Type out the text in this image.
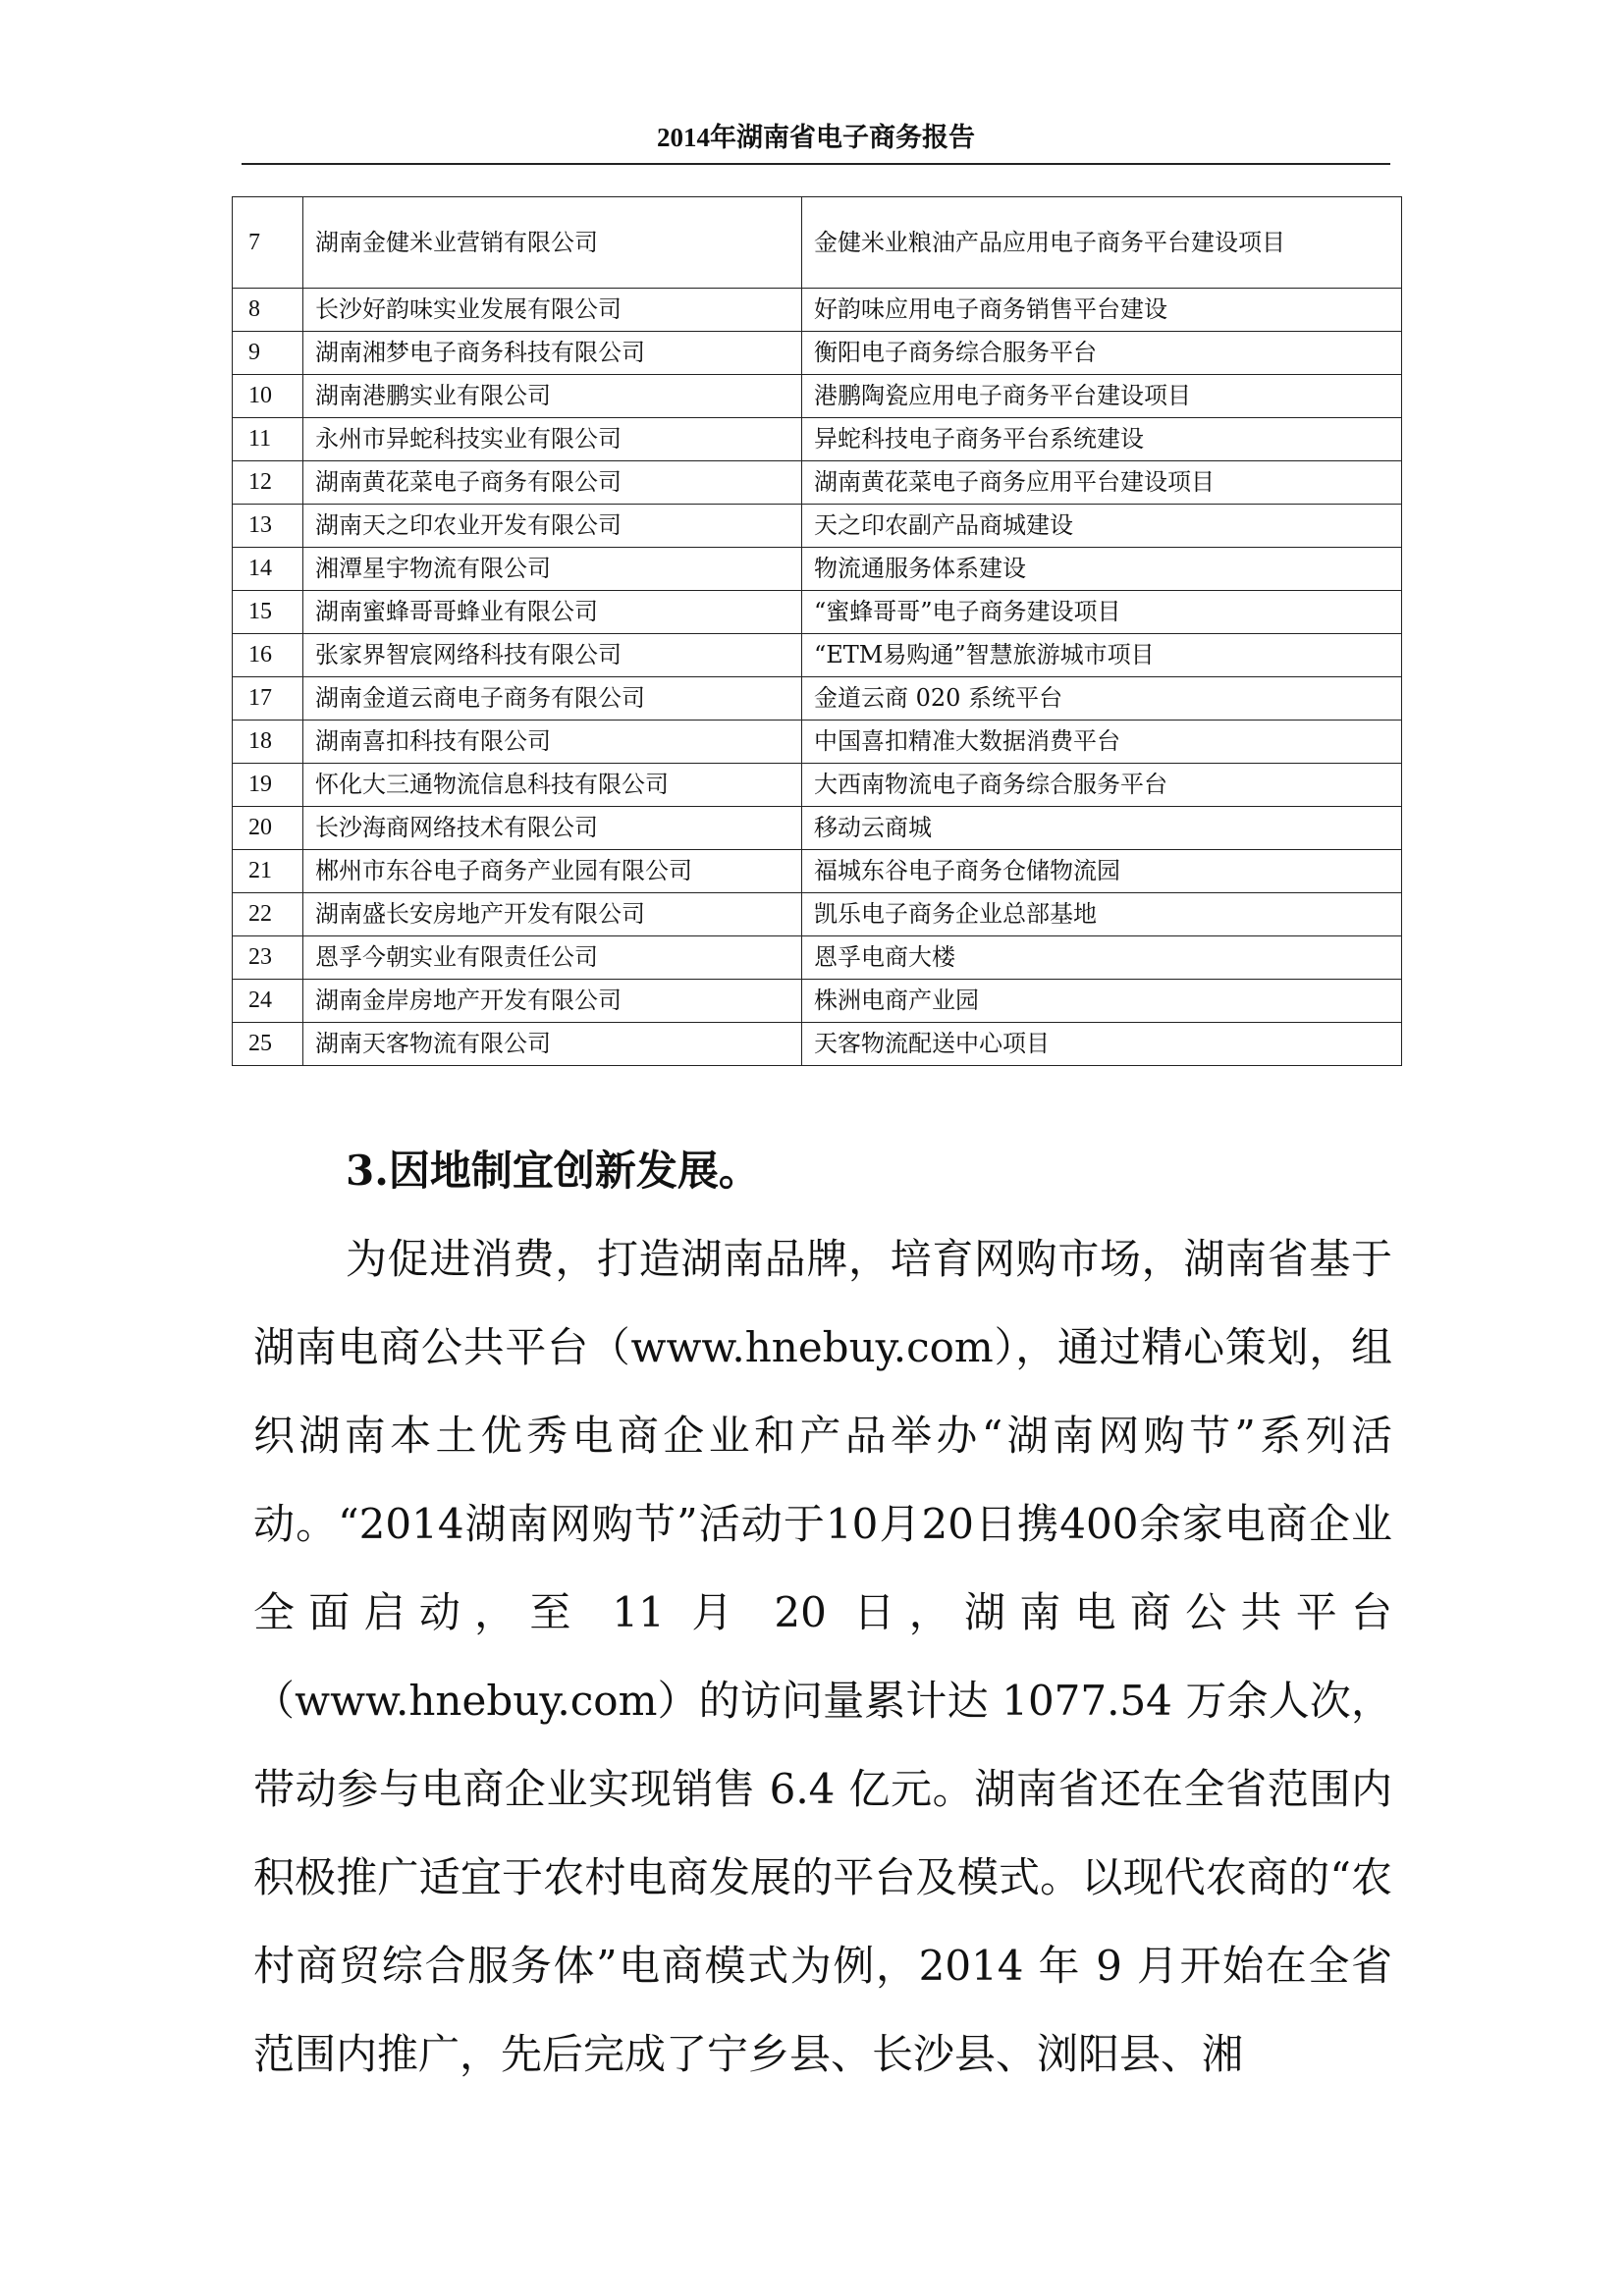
2014年湖南省电子商务报告
7	湖南金健米业营销有限公司	金健米业粮油产品应用电子商务平台建设项目
8	长沙好韵味实业发展有限公司	好韵味应用电子商务销售平台建设
9	湖南湘梦电子商务科技有限公司	衡阳电子商务综合服务平台
10	湖南港鹏实业有限公司	港鹏陶瓷应用电子商务平台建设项目
11	永州市异蛇科技实业有限公司	异蛇科技电子商务平台系统建设
12	湖南黄花菜电子商务有限公司	湖南黄花菜电子商务应用平台建设项目
13	湖南天之印农业开发有限公司	天之印农副产品商城建设
14	湘潭星宇物流有限公司	物流通服务体系建设
15	湖南蜜蜂哥哥蜂业有限公司	“蜜蜂哥哥”电子商务建设项目
16	张家界智宸网络科技有限公司	“ETM易购通”智慧旅游城市项目
17	湖南金道云商电子商务有限公司	金道云商 020 系统平台
18	湖南喜扣科技有限公司	中国喜扣精准大数据消费平台
19	怀化大三通物流信息科技有限公司	大西南物流电子商务综合服务平台
20	长沙海商网络技术有限公司	移动云商城
21	郴州市东谷电子商务产业园有限公司	福城东谷电子商务仓储物流园
22	湖南盛长安房地产开发有限公司	凯乐电子商务企业总部基地
23	恩孚今朝实业有限责任公司	恩孚电商大楼
24	湖南金岸房地产开发有限公司	株洲电商产业园
25	湖南天客物流有限公司	天客物流配送中心项目
3.因地制宜创新发展。
为促进消费，打造湖南品牌，培育网购市场，湖南省基于湖南电商公共平台（www.hnebuy.com），通过精心策划，组织湖南本土优秀电商企业和产品举办“湖南网购节”系列活动。“2014湖南网购节”活动于10月20日携400余家电商企业全面启动，至 11 月 20 日，湖南电商公共平台（www.hnebuy.com）的访问量累计达 1077.54 万余人次，带动参与电商企业实现销售 6.4 亿元。湖南省还在全省范围内积极推广适宜于农村电商发展的平台及模式。以现代农商的“农村商贸综合服务体”电商模式为例，2014 年 9 月开始在全省范围内推广，先后完成了宁乡县、长沙县、浏阳县、湘
